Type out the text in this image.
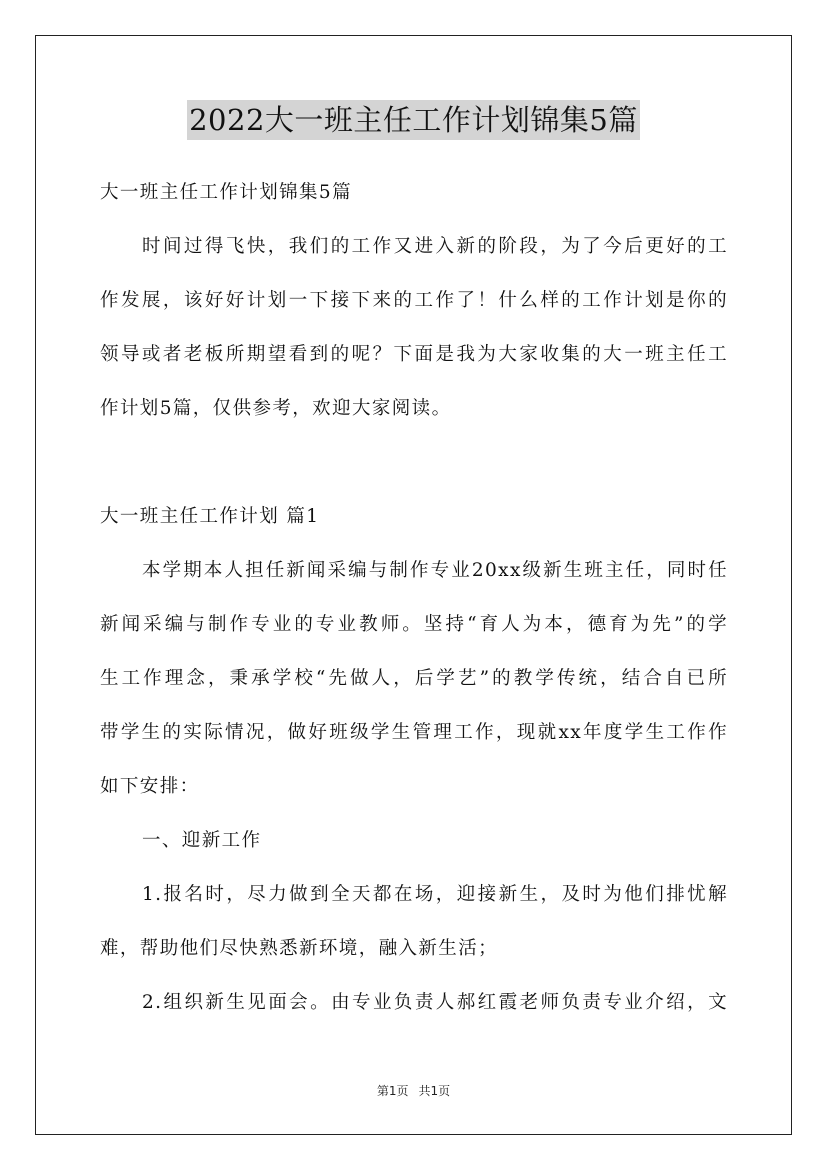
2022大一班主任工作计划锦集5篇
大一班主任工作计划锦集5篇
时间过得飞快，我们的工作又进入新的阶段，为了今后更好的工
作发展，该好好计划一下接下来的工作了！什么样的工作计划是你的
领导或者老板所期望看到的呢？下面是我为大家收集的大一班主任工
作计划5篇，仅供参考，欢迎大家阅读。
大一班主任工作计划 篇1
本学期本人担任新闻采编与制作专业20xx级新生班主任，同时任
新闻采编与制作专业的专业教师。坚持“育人为本，德育为先”的学
生工作理念，秉承学校“先做人，后学艺”的教学传统，结合自已所
带学生的实际情况，做好班级学生管理工作，现就xx年度学生工作作
如下安排：
一、迎新工作
1.报名时，尽力做到全天都在场，迎接新生，及时为他们排忧解
难，帮助他们尽快熟悉新环境，融入新生活；
2.组织新生见面会。由专业负责人郝红霞老师负责专业介绍，文
第1页 共1页
